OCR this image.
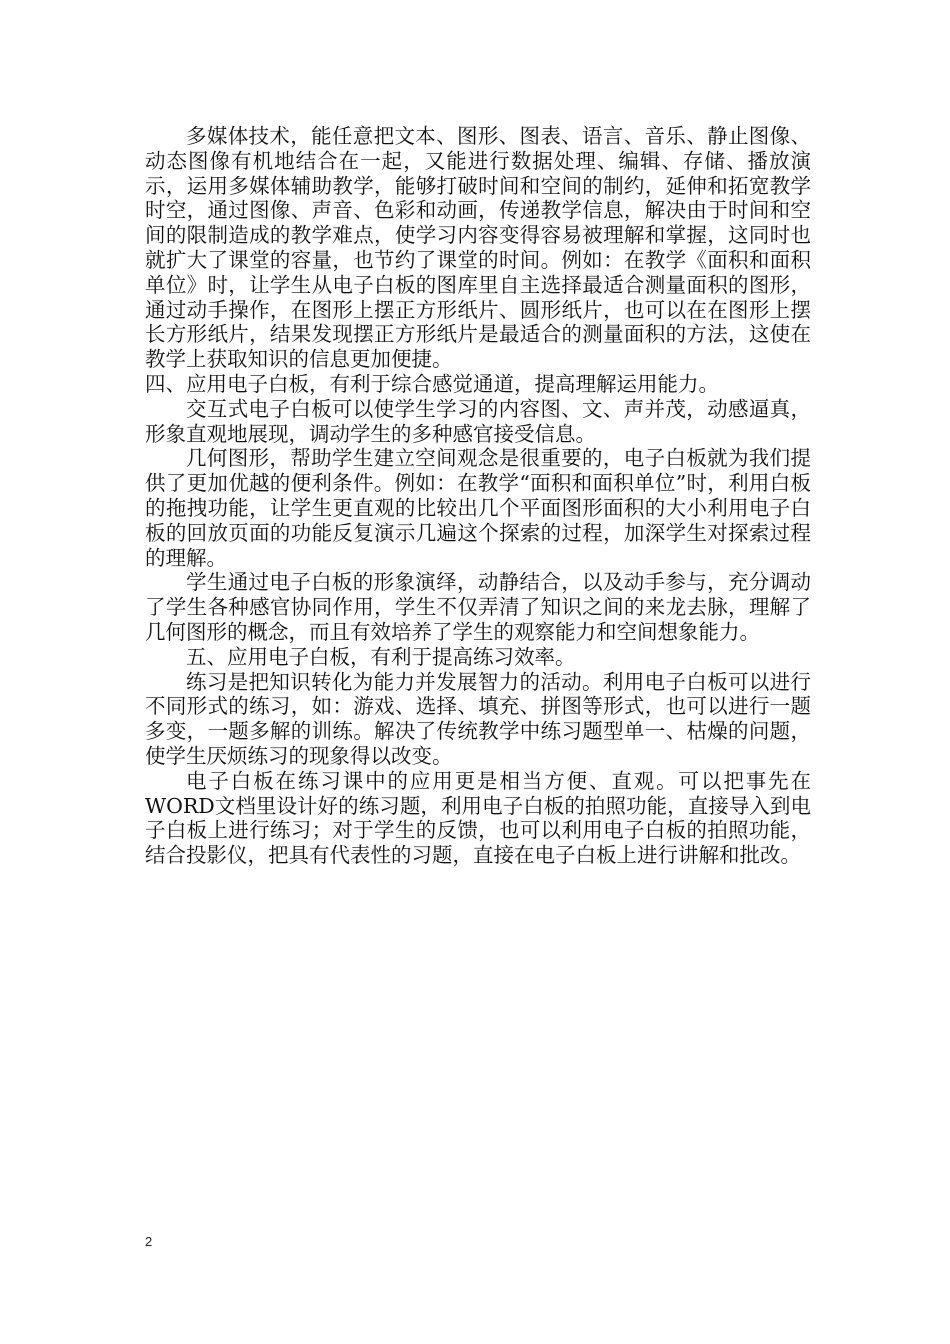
多媒体技术，能任意把文本、图形、图表、语言、音乐、静止图像、动态图像有机地结合在一起，又能进行数据处理、编辑、存储、播放演示，运用多媒体辅助教学，能够打破时间和空间的制约，延伸和拓宽教学时空，通过图像、声音、色彩和动画，传递教学信息，解决由于时间和空间的限制造成的教学难点，使学习内容变得容易被理解和掌握，这同时也就扩大了课堂的容量，也节约了课堂的时间。例如：在教学《面积和面积单位》时，让学生从电子白板的图库里自主选择最适合测量面积的图形，通过动手操作，在图形上摆正方形纸片、圆形纸片，也可以在在图形上摆长方形纸片，结果发现摆正方形纸片是最适合的测量面积的方法，这使在教学上获取知识的信息更加便捷。

四、应用电子白板，有利于综合感觉通道，提高理解运用能力。

交互式电子白板可以使学生学习的内容图、文、声并茂，动感逼真，形象直观地展现，调动学生的多种感官接受信息。

几何图形，帮助学生建立空间观念是很重要的，电子白板就为我们提供了更加优越的便利条件。例如：在教学“面积和面积单位”时，利用白板的拖拽功能，让学生更直观的比较出几个平面图形面积的大小利用电子白板的回放页面的功能反复演示几遍这个探索的过程，加深学生对探索过程的理解。

学生通过电子白板的形象演绎，动静结合，以及动手参与，充分调动了学生各种感官协同作用，学生不仅弄清了知识之间的来龙去脉，理解了几何图形的概念，而且有效培养了学生的观察能力和空间想象能力。

五、应用电子白板，有利于提高练习效率。

练习是把知识转化为能力并发展智力的活动。利用电子白板可以进行不同形式的练习，如：游戏、选择、填充、拼图等形式，也可以进行一题多变，一题多解的训练。解决了传统教学中练习题型单一、枯燥的问题，使学生厌烦练习的现象得以改变。

电子白板在练习课中的应用更是相当方便、直观。可以把事先在WORD文档里设计好的练习题，利用电子白板的拍照功能，直接导入到电子白板上进行练习；对于学生的反馈，也可以利用电子白板的拍照功能，结合投影仪，把具有代表性的习题，直接在电子白板上进行讲解和批改。

2
